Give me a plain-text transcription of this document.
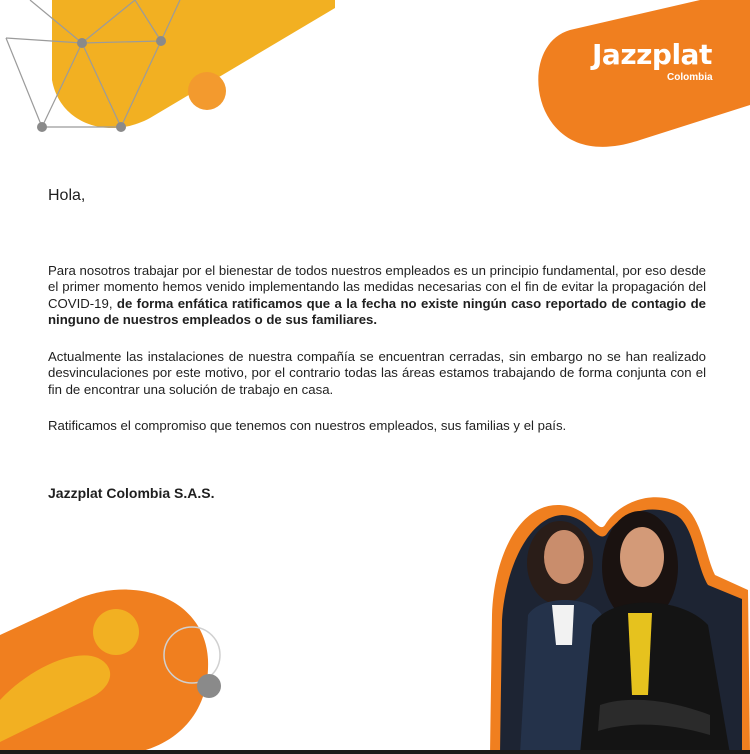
Jazzplat
Colombia
Hola,

Para nosotros trabajar por el bienestar de todos nuestros empleados es un principio fundamental, por eso desde el primer momento hemos venido implementando las medidas necesarias con el fin de evitar la propagación del COVID-19, de forma enfática ratificamos que a la fecha no existe ningún caso reportado de contagio de ninguno de nuestros empleados o de sus familiares.

Actualmente las instalaciones de nuestra compañía se encuentran cerradas, sin embargo no se han realizado desvinculaciones por este motivo, por el contrario todas las áreas estamos trabajando de forma conjunta con el fin de encontrar una solución de trabajo en casa.

Ratificamos el compromiso que tenemos con nuestros empleados, sus familias y el país.

Jazzplat Colombia S.A.S.
